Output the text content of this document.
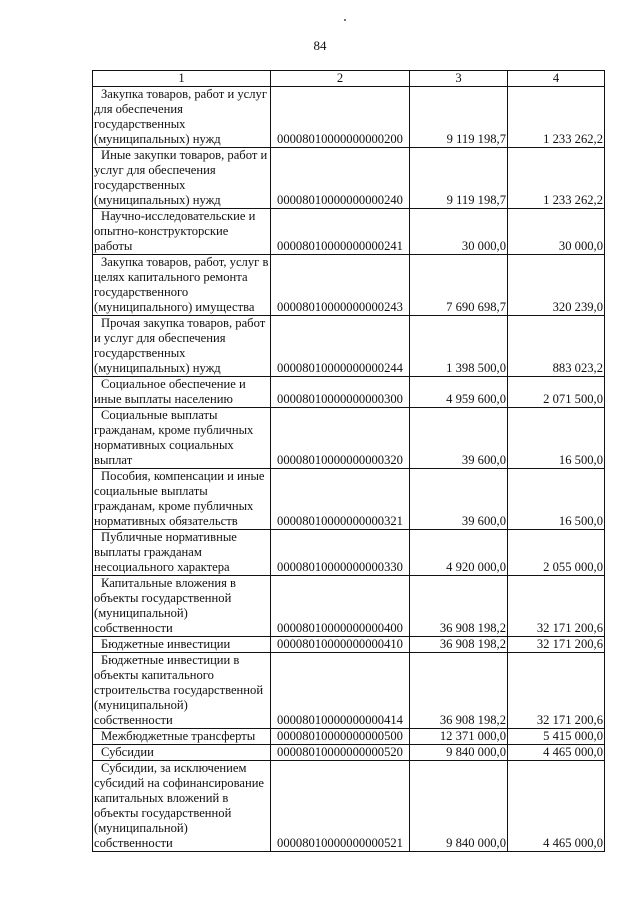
84
1	2	3	4
Закупка товаров, работ и услуг для обеспечения государственных (муниципальных) нужд	00008010000000000200	9 119 198,7	1 233 262,2
Иные закупки товаров, работ и услуг для обеспечения государственных (муниципальных) нужд	00008010000000000240	9 119 198,7	1 233 262,2
Научно-исследовательские и опытно-конструкторские работы	00008010000000000241	30 000,0	30 000,0
Закупка товаров, работ, услуг в целях капитального ремонта государственного (муниципального) имущества	00008010000000000243	7 690 698,7	320 239,0
Прочая закупка товаров, работ и услуг для обеспечения государственных (муниципальных) нужд	00008010000000000244	1 398 500,0	883 023,2
Социальное обеспечение и иные выплаты населению	00008010000000000300	4 959 600,0	2 071 500,0
Социальные выплаты гражданам, кроме публичных нормативных социальных выплат	00008010000000000320	39 600,0	16 500,0
Пособия, компенсации и иные социальные выплаты гражданам, кроме публичных нормативных обязательств	00008010000000000321	39 600,0	16 500,0
Публичные нормативные выплаты гражданам несоциального характера	00008010000000000330	4 920 000,0	2 055 000,0
Капитальные вложения в объекты государственной (муниципальной) собственности	00008010000000000400	36 908 198,2	32 171 200,6
Бюджетные инвестиции	00008010000000000410	36 908 198,2	32 171 200,6
Бюджетные инвестиции в объекты капитального строительства государственной (муниципальной) собственности	00008010000000000414	36 908 198,2	32 171 200,6
Межбюджетные трансферты	00008010000000000500	12 371 000,0	5 415 000,0
Субсидии	00008010000000000520	9 840 000,0	4 465 000,0
Субсидии, за исключением субсидий на софинансирование капитальных вложений в объекты государственной (муниципальной) собственности	00008010000000000521	9 840 000,0	4 465 000,0
